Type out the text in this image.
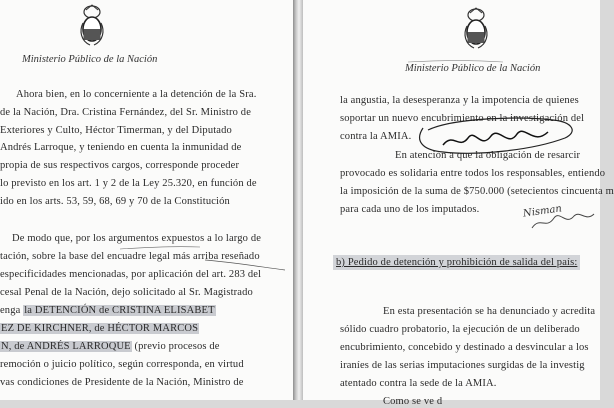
Ministerio Público de la Nación
Ahora bien, en lo concerniente a la detención de la Sra.
de la Nación, Dra. Cristina Fernández, del Sr. Ministro de
Exteriores y Culto, Héctor Timerman, y del Diputado
Andrés Larroque, y teniendo en cuenta la inmunidad de
propia de sus respectivos cargos, corresponde proceder
lo previsto en los art. 1 y 2 de la Ley 25.320, en función de
ido en los arts. 53, 59, 68, 69 y 70 de la Constitución
De modo que, por los argumentos expuestos a lo largo de
tación, sobre la base del encuadre legal más arriba reseñado
especificidades mencionadas, por aplicación del art. 283 del
cesal Penal de la Nación, dejo solicitado al Sr. Magistrado
enga la DETENCIÓN de CRISTINA ELISABET
EZ DE KIRCHNER, de HÉCTOR MARCOS
N, de ANDRÉS LARROQUE (previo procesos de
remoción o juicio político, según corresponda, en virtud
vas condiciones de Presidente de la Nación, Ministro de
Ministerio Público de la Nación
la angustia, la desesperanza y la impotencia de quienes
soportar un nuevo encubrimiento en la investigación del
contra la AMIA.
En atención a que la obligación de resarcir
provocado es solidaria entre todos los responsables, entiendo
la imposición de la suma de $750.000 (setecientos cincuenta m
para cada uno de los imputados.
b) Pedido de detención y prohibición de salida del país:
En esta presentación se ha denunciado y acredita
sólido cuadro probatorio, la ejecución de un deliberado
encubrimiento, concebido y destinado a desvincular a los
iraníes de las serias imputaciones surgidas de la investig
atentado contra la sede de la AMIA.
Como se ve d
Nisman
